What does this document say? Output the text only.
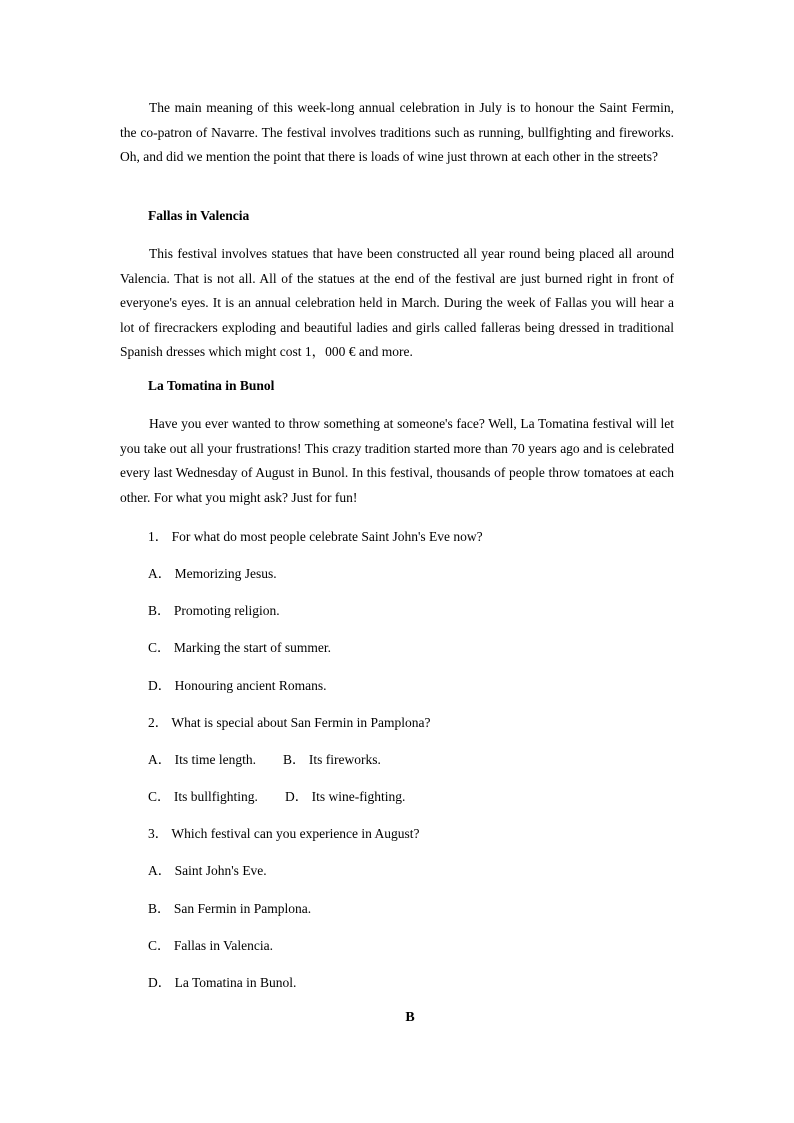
The main meaning of this week-long annual celebration in July is to honour the Saint Fermin, the co-patron of Navarre. The festival involves traditions such as running, bullfighting and fireworks. Oh, and did we mention the point that there is loads of wine just thrown at each other in the streets?

Fallas in Valencia

This festival involves statues that have been constructed all year round being placed all around Valencia. That is not all. All of the statues at the end of the festival are just burned right in front of everyone's eyes. It is an annual celebration held in March. During the week of Fallas you will hear a lot of firecrackers exploding and beautiful ladies and girls called falleras being dressed in traditional Spanish dresses which might cost 1，000 € and more.

La Tomatina in Bunol

Have you ever wanted to throw something at someone's face? Well, La Tomatina festival will let you take out all your frustrations! This crazy tradition started more than 70 years ago and is celebrated every last Wednesday of August in Bunol. In this festival, thousands of people throw tomatoes at each other. For what you might ask? Just for fun!

1． For what do most people celebrate Saint John's Eve now?

A． Memorizing Jesus.

B． Promoting religion.

C． Marking the start of summer.

D． Honouring ancient Romans.

2． What is special about San Fermin in Pamplona?

A． Its time length. B． Its fireworks.
C． Its bullfighting. D． Its wine-fighting.

3． Which festival can you experience in August?

A． Saint John's Eve.

B． San Fermin in Pamplona.

C． Fallas in Valencia.

D． La Tomatina in Bunol.

B
